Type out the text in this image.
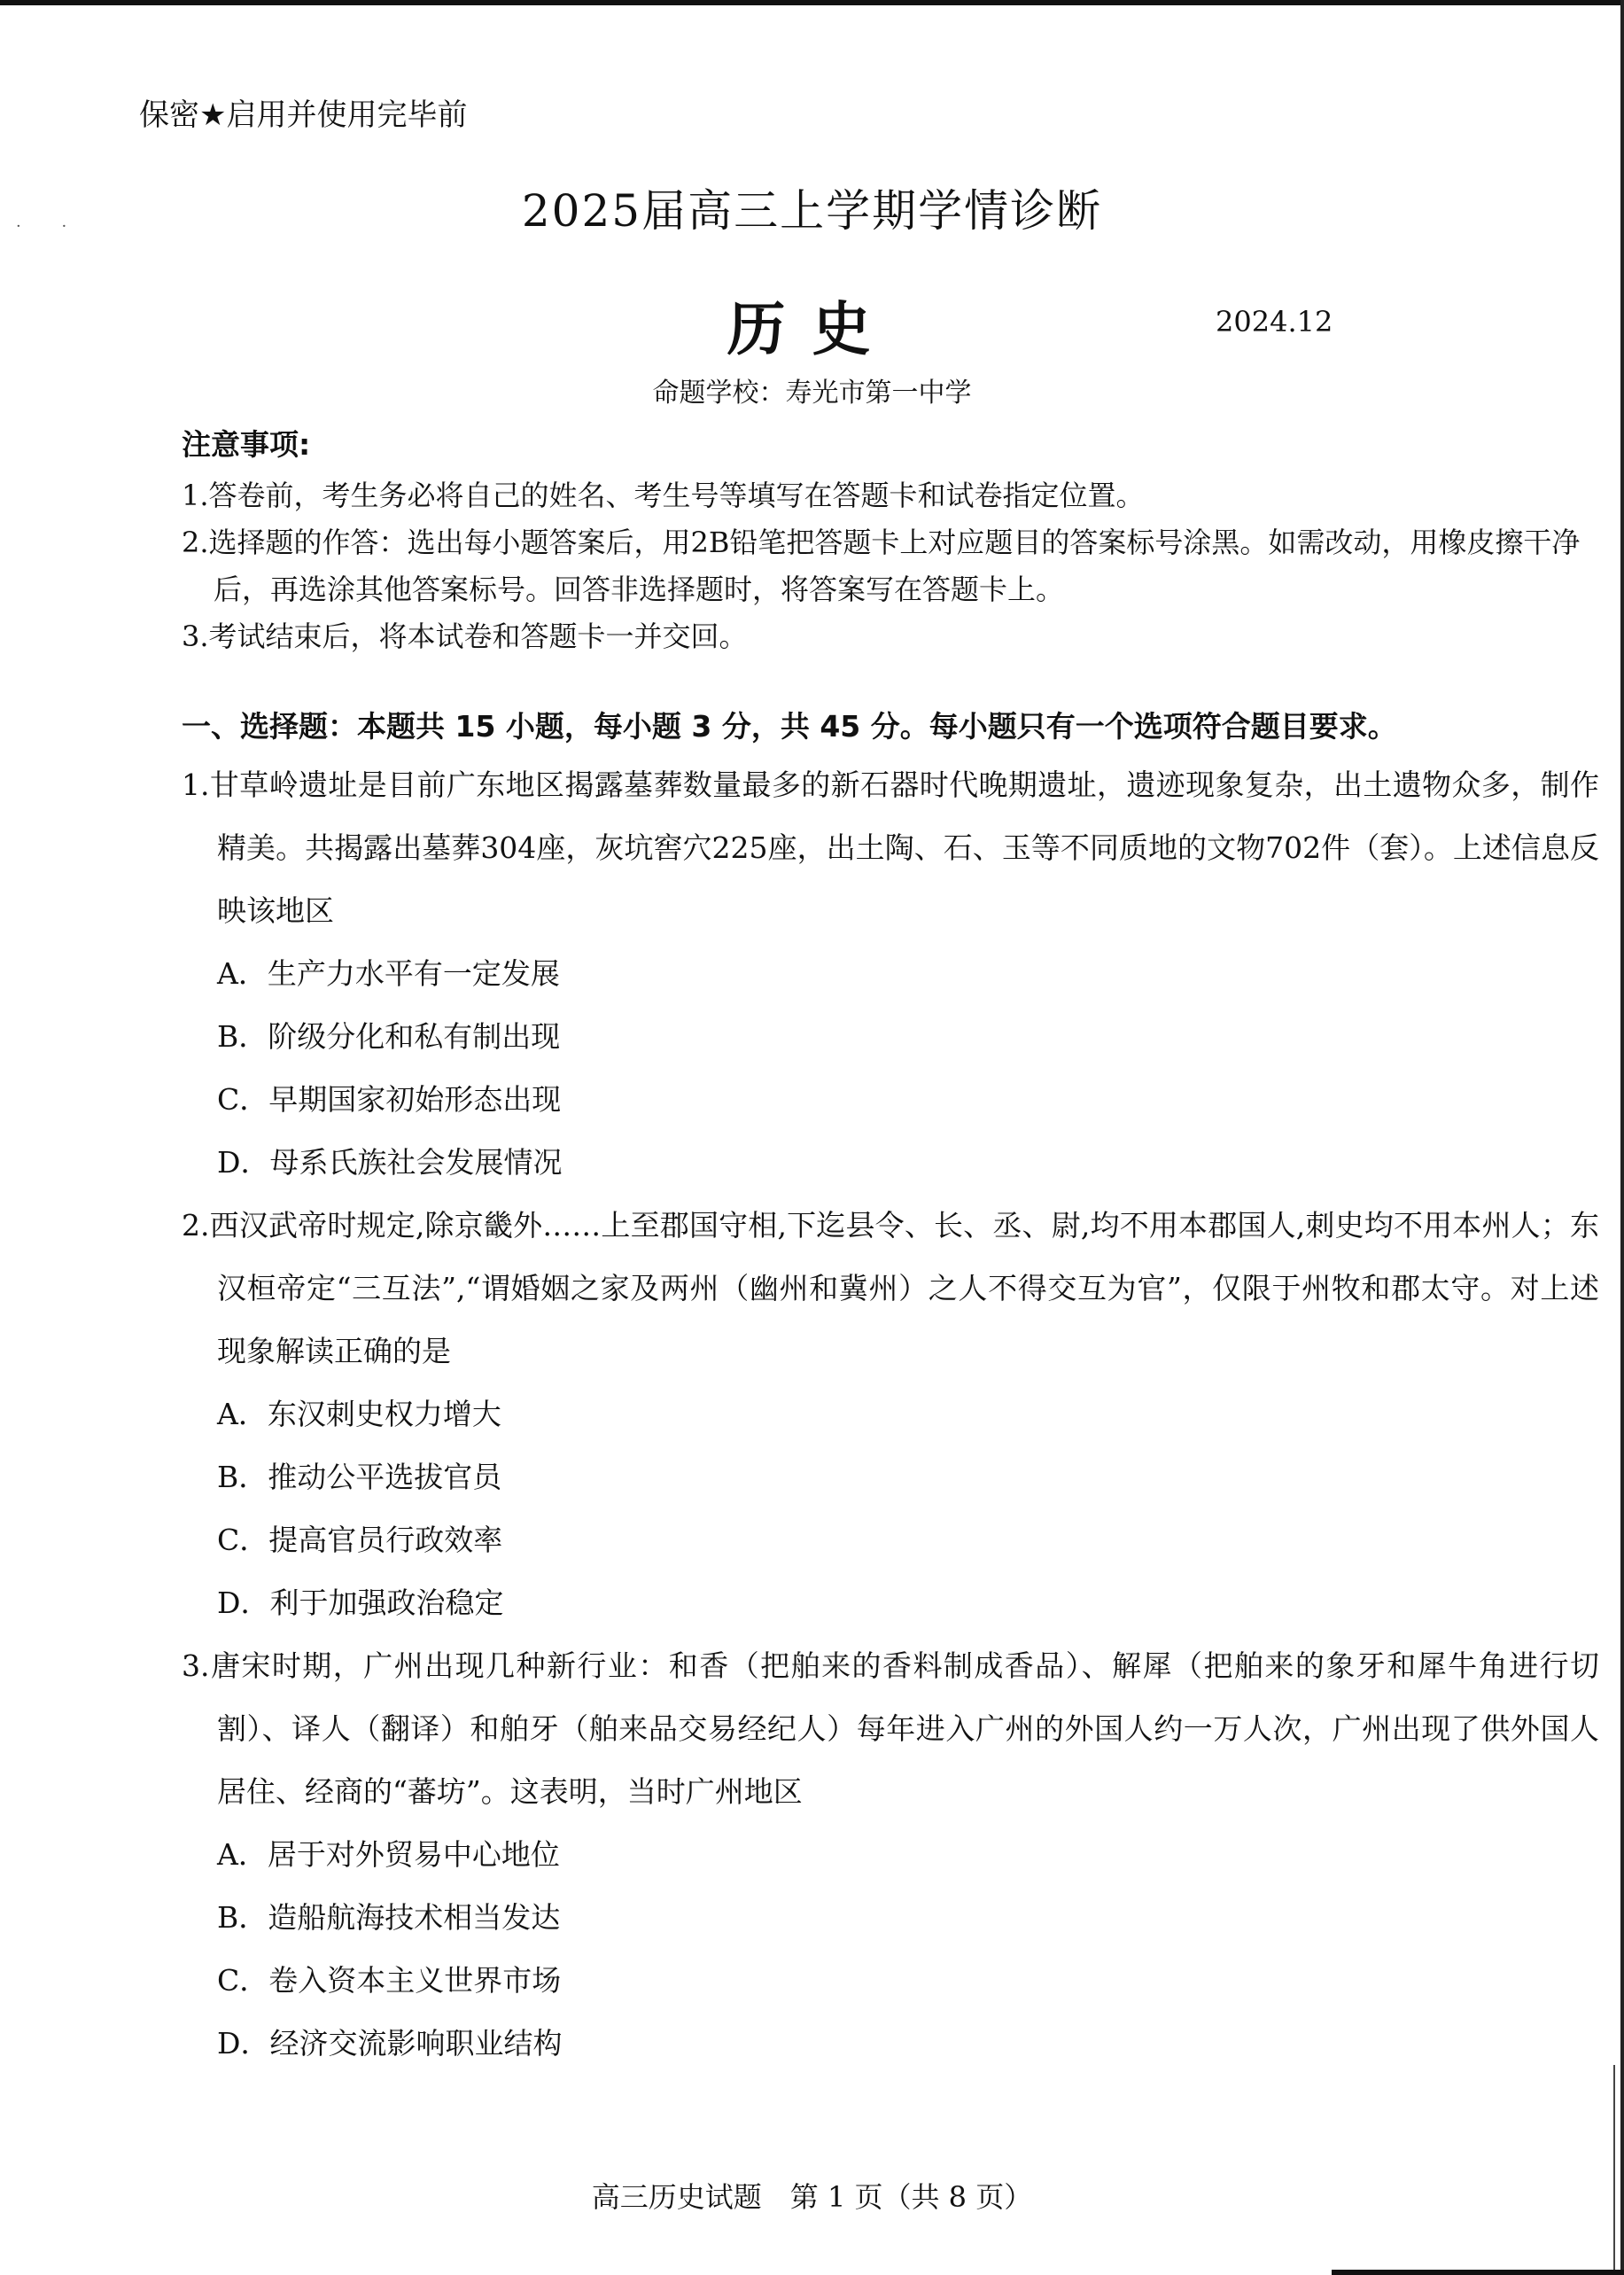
· ·
保密★启用并使用完毕前
2025届高三上学期学情诊断
历史	2024.12
命题学校：寿光市第一中学
注意事项:
1.答卷前，考生务必将自己的姓名、考生号等填写在答题卡和试卷指定位置。
2.选择题的作答：选出每小题答案后，用2B铅笔把答题卡上对应题目的答案标号涂黑。如需改动，用橡皮擦干净后，再选涂其他答案标号。回答非选择题时，将答案写在答题卡上。
3.考试结束后，将本试卷和答题卡一并交回。
一、选择题：本题共 15 小题，每小题 3 分，共 45 分。每小题只有一个选项符合题目要求。
1.甘草岭遗址是目前广东地区揭露墓葬数量最多的新石器时代晚期遗址，遗迹现象复杂，出土遗物众多，制作精美。共揭露出墓葬304座，灰坑窖穴225座，出土陶、石、玉等不同质地的文物702件（套）。上述信息反映该地区
A．生产力水平有一定发展
B．阶级分化和私有制出现
C．早期国家初始形态出现
D．母系氏族社会发展情况
2.西汉武帝时规定,除京畿外……上至郡国守相,下迄县令、长、丞、尉,均不用本郡国人,刺史均不用本州人；东汉桓帝定“三互法”,“谓婚姻之家及两州（幽州和冀州）之人不得交互为官”，仅限于州牧和郡太守。对上述现象解读正确的是
A．东汉刺史权力增大
B．推动公平选拔官员
C．提高官员行政效率
D．利于加强政治稳定
3.唐宋时期，广州出现几种新行业：和香（把舶来的香料制成香品）、解犀（把舶来的象牙和犀牛角进行切割）、译人（翻译）和舶牙（舶来品交易经纪人）每年进入广州的外国人约一万人次，广州出现了供外国人居住、经商的“蕃坊”。这表明，当时广州地区
A．居于对外贸易中心地位
B．造船航海技术相当发达
C．卷入资本主义世界市场
D．经济交流影响职业结构
高三历史试题　第 1 页（共 8 页）
